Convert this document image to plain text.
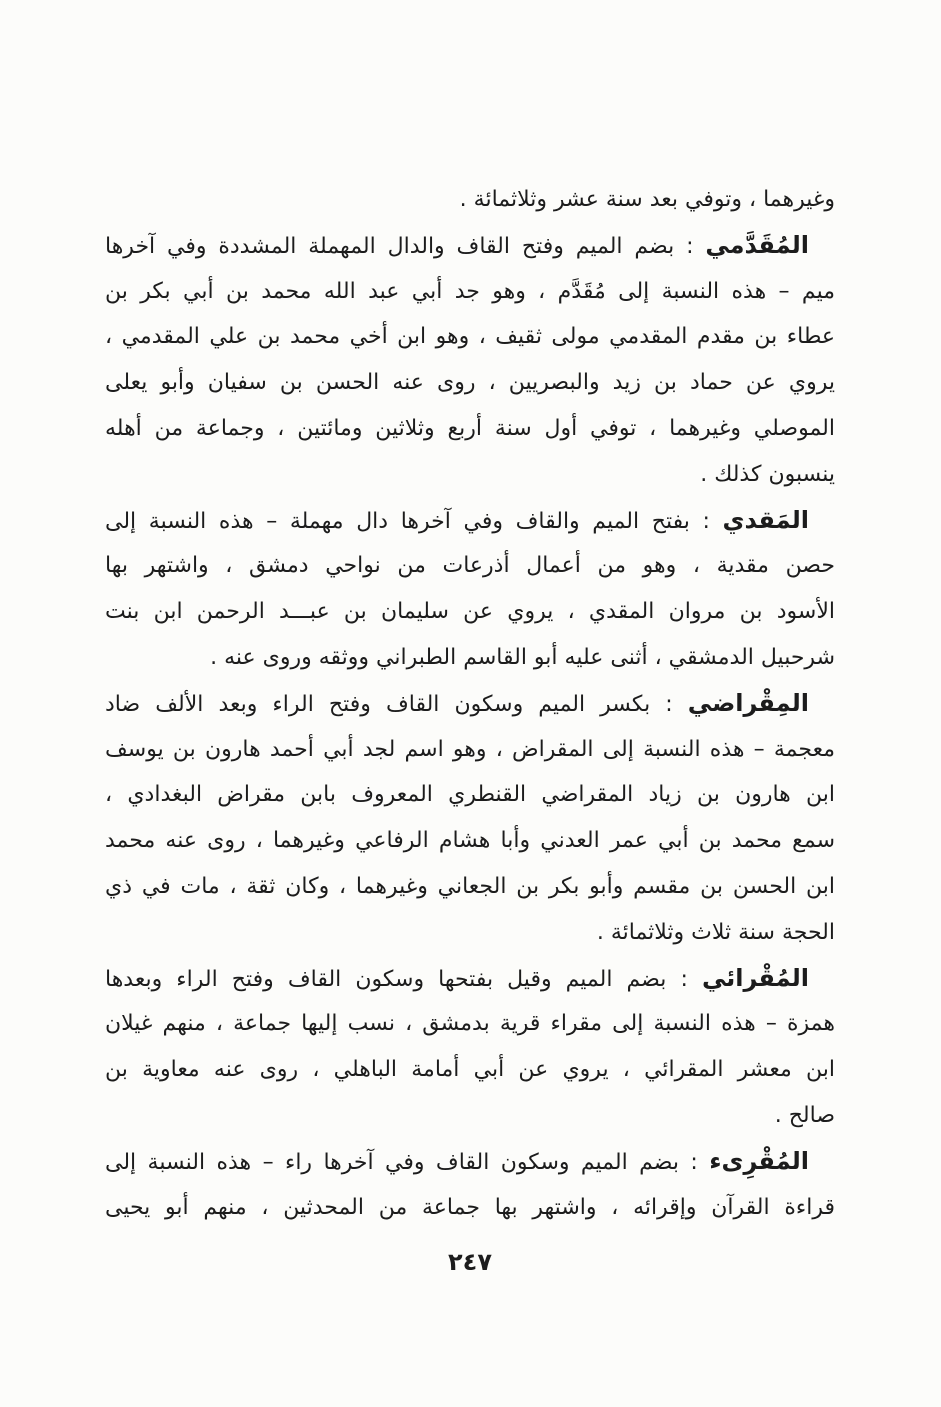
وغيرهما ، وتوفي بعد سنة عشر وثلاثمائة .
المُقَدَّمي : بضم الميم وفتح القاف والدال المهملة المشددة وفي آخرها
ميم – هذه النسبة إلى مُقَدَّم ، وهو جد أبي عبد الله محمد بن أبي بكر بن
عطاء بن مقدم المقدمي مولى ثقيف ، وهو ابن أخي محمد بن علي المقدمي ،
يروي عن حماد بن زيد والبصريين ، روى عنه الحسن بن سفيان وأبو يعلى
الموصلي وغيرهما ، توفي أول سنة أربع وثلاثين ومائتين ، وجماعة من أهله
ينسبون كذلك .
المَقدي : بفتح الميم والقاف وفي آخرها دال مهملة – هذه النسبة إلى
حصن مقدية ، وهو من أعمال أذرعات من نواحي دمشق ، واشتهر بها
الأسود بن مروان المقدي ، يروي عن سليمان بن عبـــد الرحمن ابن بنت
شرحبيل الدمشقي ، أثنى عليه أبو القاسم الطبراني ووثقه وروى عنه .
المِقْراضي : بكسر الميم وسكون القاف وفتح الراء وبعد الألف ضاد
معجمة – هذه النسبة إلى المقراض ، وهو اسم لجد أبي أحمد هارون بن يوسف
ابن هارون بن زياد المقراضي القنطري المعروف بابن مقراض البغدادي ،
سمع محمد بن أبي عمر العدني وأبا هشام الرفاعي وغيرهما ، روى عنه محمد
ابن الحسن بن مقسم وأبو بكر بن الجعاني وغيرهما ، وكان ثقة ، مات في ذي
الحجة سنة ثلاث وثلاثمائة .
المُقْرائي : بضم الميم وقيل بفتحها وسكون القاف وفتح الراء وبعدها
همزة – هذه النسبة إلى مقراء قرية بدمشق ، نسب إليها جماعة ، منهم غيلان
ابن معشر المقرائي ، يروي عن أبي أمامة الباهلي ، روى عنه معاوية بن
صالح .
المُقْرِىء : بضم الميم وسكون القاف وفي آخرها راء – هذه النسبة إلى
قراءة القرآن وإقرائه ، واشتهر بها جماعة من المحدثين ، منهم أبو يحيى
٢٤٧
